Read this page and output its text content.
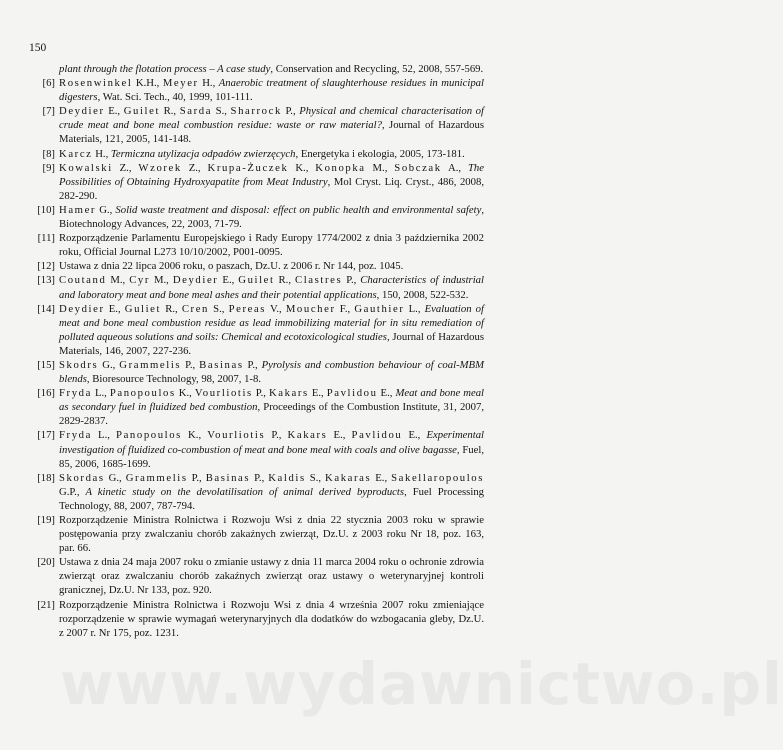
150
plant through the flotation process – A case study, Conservation and Recycling, 52, 2008, 557-569.
[6] Rosenwinkel K.H., Meyer H., Anaerobic treatment of slaughterhouse residues in municipal digesters, Wat. Sci. Tech., 40, 1999, 101-111.
[7] Deydier E., Guilet R., Sarda S., Sharrock P., Physical and chemical characterisation of crude meat and bone meal combustion residue: waste or raw material?, Journal of Hazardous Materials, 121, 2005, 141-148.
[8] Karcz H., Termiczna utylizacja odpadów zwierzęcych, Energetyka i ekologia, 2005, 173-181.
[9] Kowalski Z., Wzorek Z., Krupa-Żuczek K., Konopka M., Sobczak A., The Possibilities of Obtaining Hydroxyapatite from Meat Industry, Mol Cryst. Liq. Cryst., 486, 2008, 282-290.
[10] Hamer G., Solid waste treatment and disposal: effect on public health and environmental safety, Biotechnology Advances, 22, 2003, 71-79.
[11] Rozporządzenie Parlamentu Europejskiego i Rady Europy 1774/2002 z dnia 3 października 2002 roku, Official Journal L273 10/10/2002, P001-0095.
[12] Ustawa z dnia 22 lipca 2006 roku, o paszach, Dz.U. z 2006 r. Nr 144, poz. 1045.
[13] Coutand M., Cyr M., Deydier E., Guilet R., Clastres P., Characteristics of industrial and laboratory meat and bone meal ashes and their potential applications, 150, 2008, 522-532.
[14] Deydier E., Guliet R., Cren S., Pereas V., Moucher F., Gauthier L., Evaluation of meat and bone meal combustion residue as lead immobilizing material for in situ remediation of polluted aqueous solutions and soils: Chemical and ecotoxicological studies, Journal of Hazardous Materials, 146, 2007, 227-236.
[15] Skodrs G., Grammelis P., Basinas P., Pyrolysis and combustion behaviour of coal-MBM blends, Bioresource Technology, 98, 2007, 1-8.
[16] Fryda L., Panopoulos K., Vourliotis P., Kakars E., Pavlidou E., Meat and bone meal as secondary fuel in fluidized bed combustion, Proceedings of the Combustion Institute, 31, 2007, 2829-2837.
[17] Fryda L., Panopoulos K., Vourliotis P., Kakars E., Pavlidou E., Experimental investigation of fluidized co-combustion of meat and bone meal with coals and olive bagasse, Fuel, 85, 2006, 1685-1699.
[18] Skordas G., Grammelis P., Basinas P., Kaldis S., Kakaras E., Sakellaropoulos G.P., A kinetic study on the devolatilisation of animal derived byproducts, Fuel Processing Technology, 88, 2007, 787-794.
[19] Rozporządzenie Ministra Rolnictwa i Rozwoju Wsi z dnia 22 stycznia 2003 roku w sprawie postępowania przy zwalczaniu chorób zakaźnych zwierząt, Dz.U. z 2003 roku Nr 18, poz. 163, par. 66.
[20] Ustawa z dnia 24 maja 2007 roku o zmianie ustawy z dnia 11 marca 2004 roku o ochronie zdrowia zwierząt oraz zwalczaniu chorób zakaźnych zwierząt oraz ustawy o weterynaryjnej kontroli granicznej, Dz.U. Nr 133, poz. 920.
[21] Rozporządzenie Ministra Rolnictwa i Rozwoju Wsi z dnia 4 września 2007 roku zmieniające rozporządzenie w sprawie wymagań weterynaryjnych dla dodatków do wzbogacania gleby, Dz.U. z 2007 r. Nr 175, poz. 1231.
www.wydawnictwo.pl
